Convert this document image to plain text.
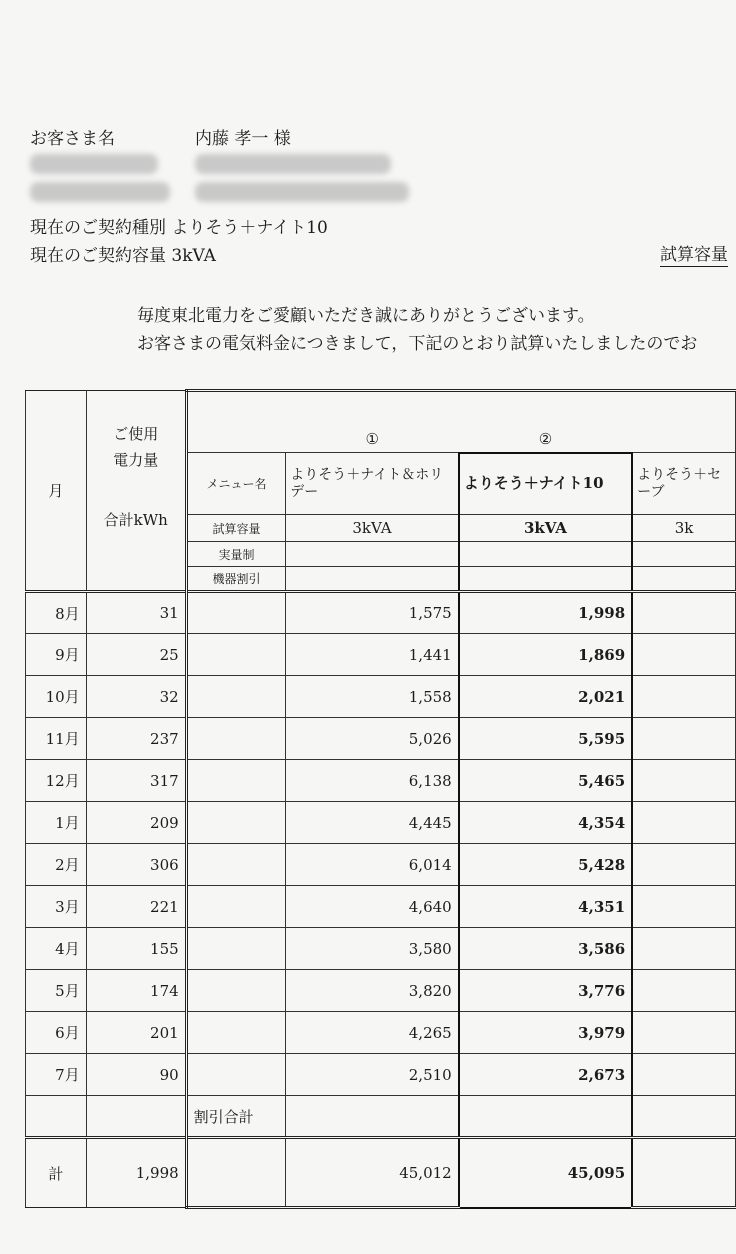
お客さま名	内藤 孝一 様
現在のご契約種別 よりそう＋ナイト10
現在のご契約容量 3kVA	試算容量
毎度東北電力をご愛顧いただき誠にありがとうございます。
お客さまの電気料金につきまして，下記のとおり試算いたしましたのでお
月	ご使用
電力量
合計kWh		①	②	
		メニュー名	よりそう＋ナイト＆ホリデー	よりそう＋ナイト10	よりそう＋セーブ
		試算容量	3kVA	3kVA	3k
		実量制			
		機器割引			
8月	31		1,575	1,998	
9月	25		1,441	1,869	
10月	32		1,558	2,021	
11月	237		5,026	5,595	
12月	317		6,138	5,465	
1月	209		4,445	4,354	
2月	306		6,014	5,428	
3月	221		4,640	4,351	
4月	155		3,580	3,586	
5月	174		3,820	3,776	
6月	201		4,265	3,979	
7月	90		2,510	2,673	
		割引合計			
計	1,998		45,012	45,095	
